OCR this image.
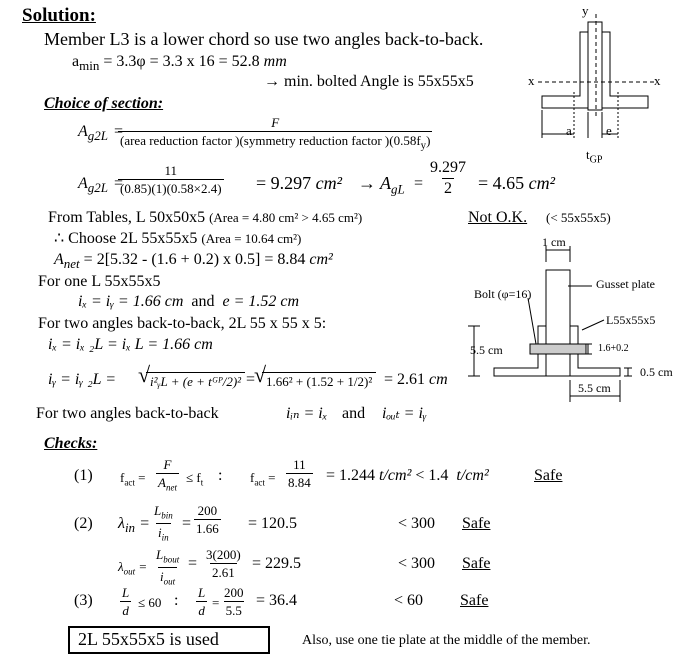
Solution:
Member L3 is a lower chord so use two angles back-to-back.
$a_{min} = 3.3\varphi = 3.3$ x 16 = 52.8 mm
→ min. bolted Angle is 55x55x5
Choice of section:
$A_{g2L}$ =
F
(area reduction factor )(symmetry reduction factor )$(0.58f_y)$
$A_{g2L}$ =
$\frac{11}{(0.85)(1)(0.58\times 2.4)} = 9.297$ $cm^2 \to A_{gL} = \frac{9.297}{2} = 4.65$ cm²
From Tables, L 50x50x5 (Area = 4.80 cm² > 4.65 cm²)	Not O.K. (< 55x55x5)
∴ Choose 2L 55x55x5 (Area = 10.64 cm²)
$A_{net} = 2[5.32 - (1.6 + 0.2)$ x 0.5] = 8.84 cm²
For one L 55x55x5
iₓ = iᵧ = 1.66 cm and e = 1.52 cm
For two angles back-to-back, 2L 55 x 55 x 5:
iₓ = iₓ ₂L = iₓ L = 1.66 cm
iᵧ = iᵧ ₂L =	i²ᵧL + (e + tᴳᴾ/2)² = 1.66² + (1.52 + 1/2)² = 2.61 cm
√	√
For two angles back-to-back	iᵢₙ = iₓ and iₒᵤₜ = iᵧ
Checks:
(1) $f_{act}$ =
F
$A_{net}$
≤ $f_t$ : $f_{act} = \frac{11}{8.84} = 1.244$ t/cm² < 1.4 t/cm²	Safe
(2) $\lambda_{in}$ =
$L_{bin}$
$i_{in}$
= $\frac{200}{1.66} = 120.5$	< 300 Safe
$\lambda_{out}$ =
$L_{bout}$
$i_{out}$
= $\frac{3(200)}{2.61} = 229.5$	< 300 Safe
$(3) \frac{L}{d} \le 60$ : $\frac{L}{d} = \frac{200}{5.5} = 36.4$	< 60 Safe
2L 55x55x5 is used	Also, use one tie plate at the middle of the member.
y
x	x
a	e
$t_{GP}$
1 cm
Gusset plate
Bolt (φ=16)
L55x55x5
5.5 cm	1.6+0.2
0.5 cm
5.5 cm
